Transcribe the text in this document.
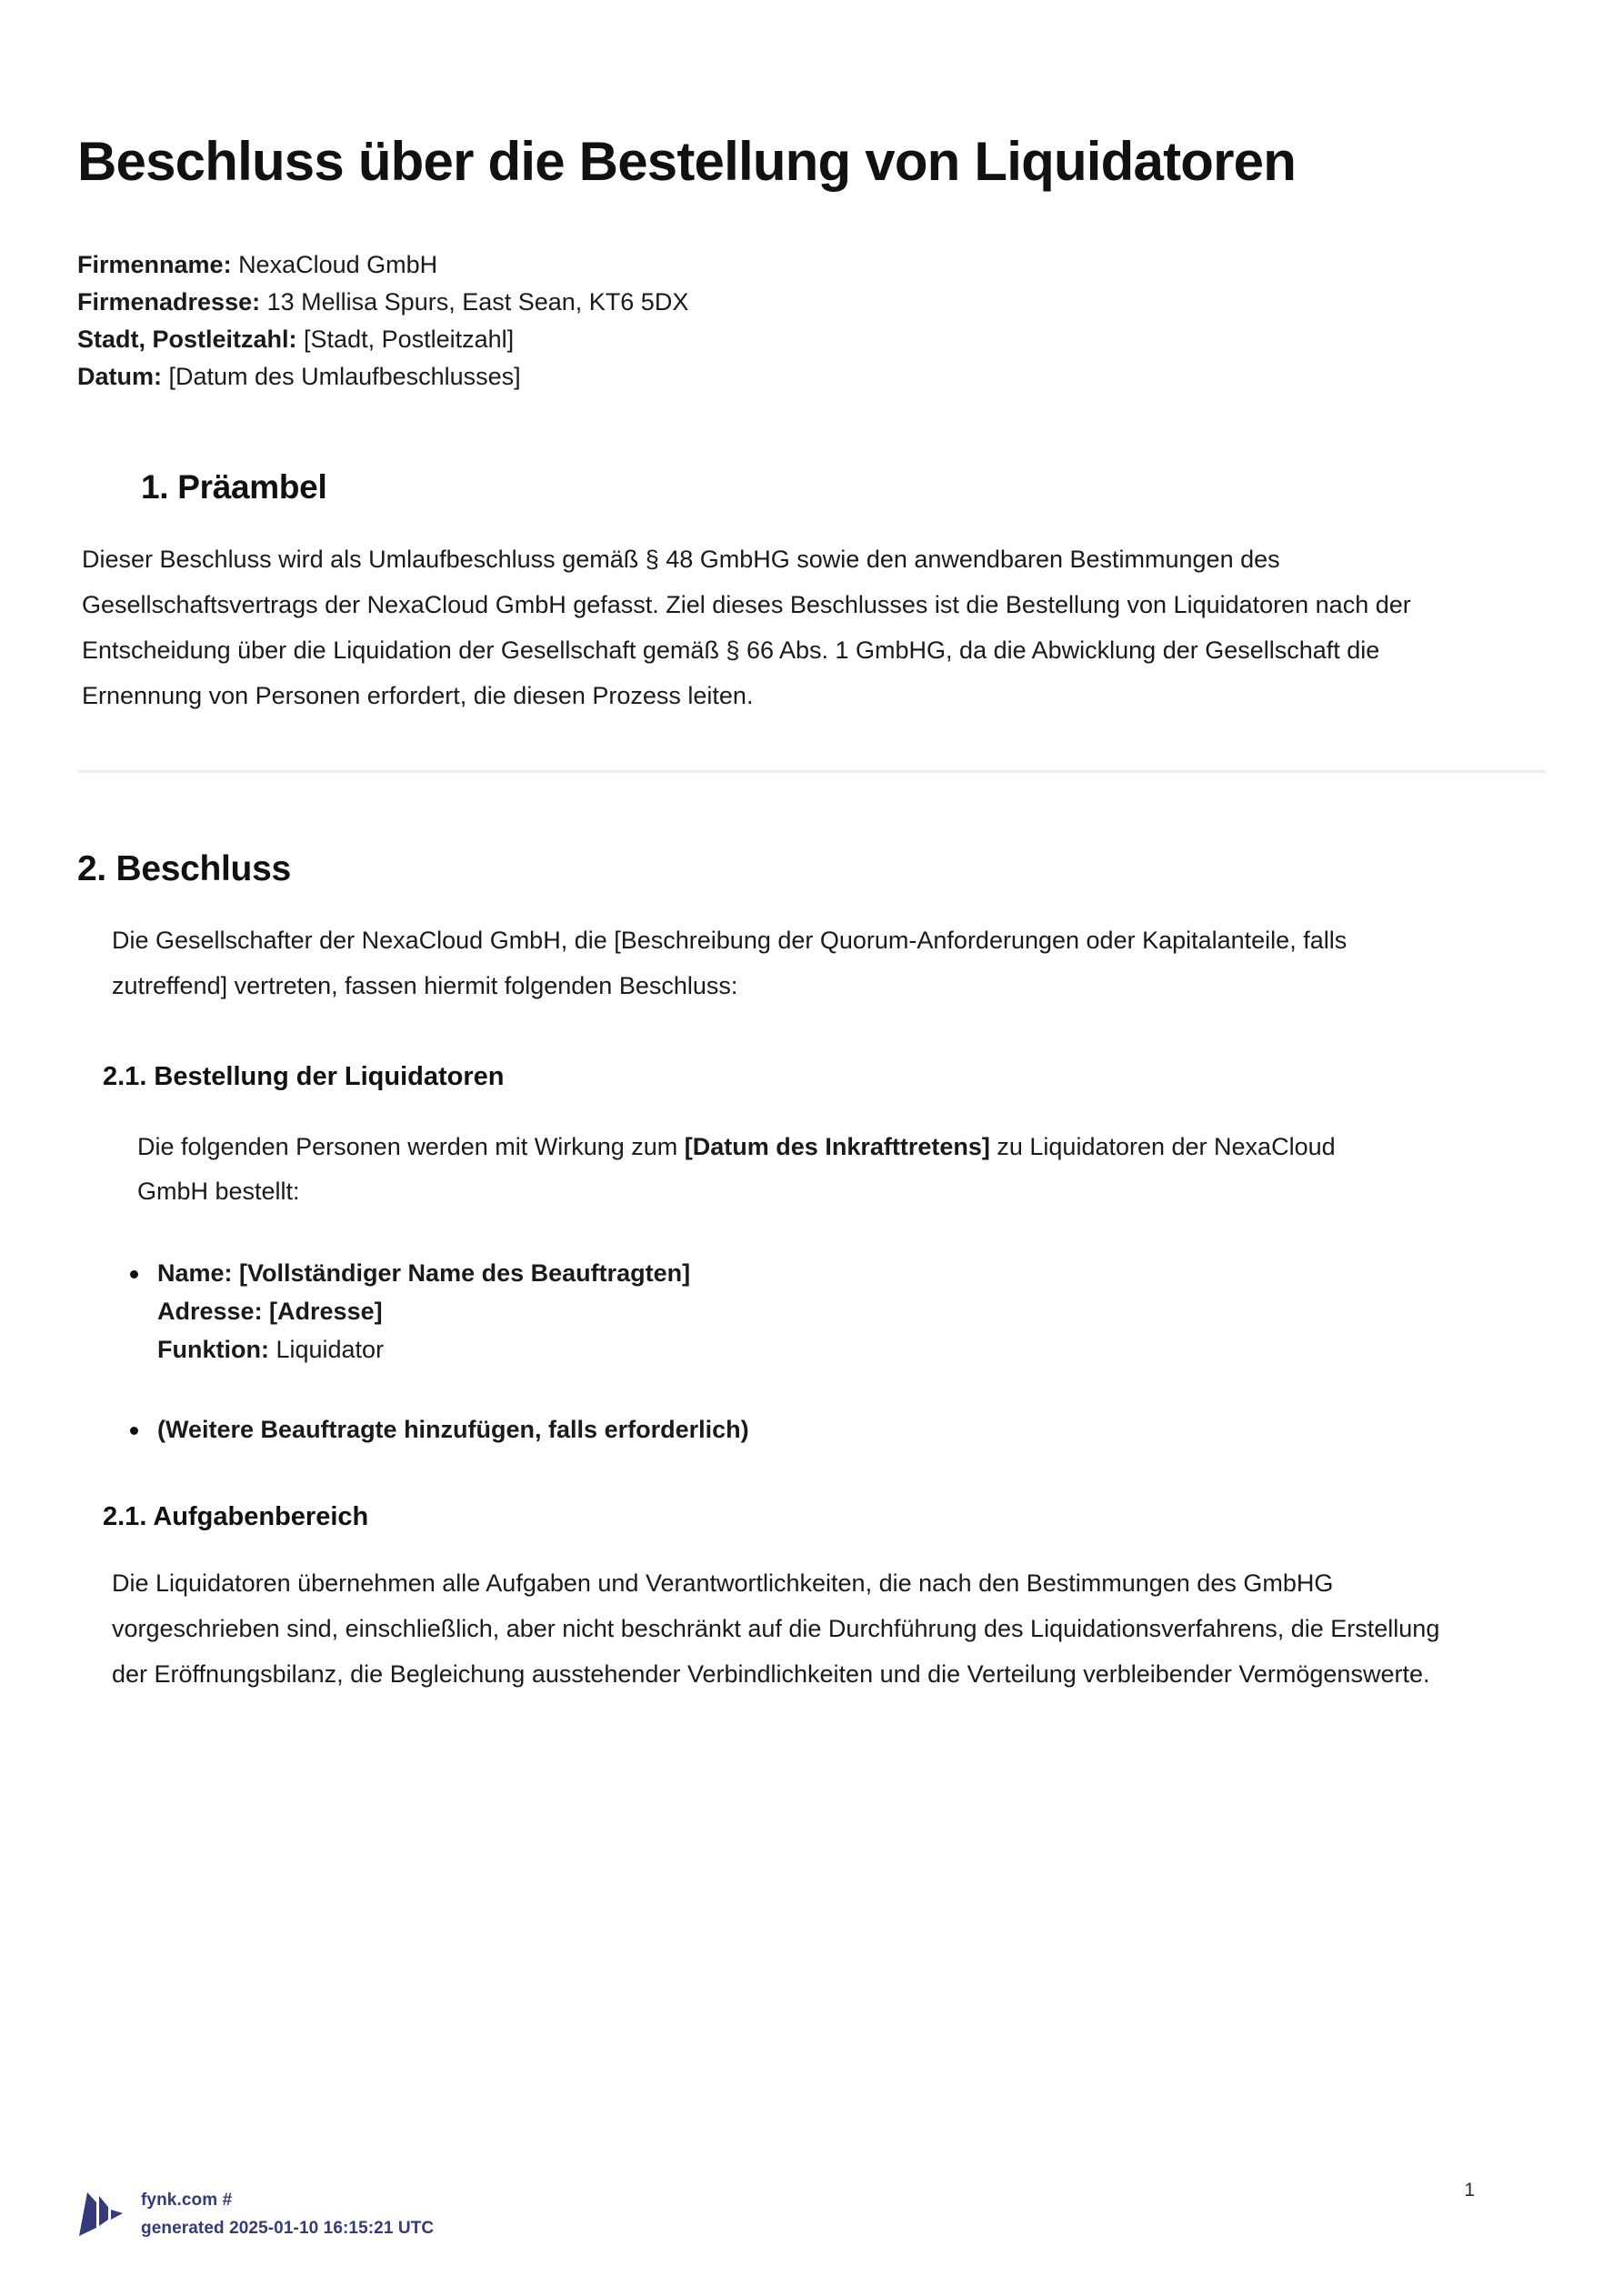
Beschluss über die Bestellung von Liquidatoren
Firmenname: NexaCloud GmbH
Firmenadresse: 13 Mellisa Spurs, East Sean, KT6 5DX
Stadt, Postleitzahl: [Stadt, Postleitzahl]
Datum: [Datum des Umlaufbeschlusses]
1. Präambel

Dieser Beschluss wird als Umlaufbeschluss gemäß § 48 GmbHG sowie den anwendbaren Bestimmungen des Gesellschaftsvertrags der NexaCloud GmbH gefasst. Ziel dieses Beschlusses ist die Bestellung von Liquidatoren nach der Entscheidung über die Liquidation der Gesellschaft gemäß § 66 Abs. 1 GmbHG, da die Abwicklung der Gesellschaft die Ernennung von Personen erfordert, die diesen Prozess leiten.

2. Beschluss

Die Gesellschafter der NexaCloud GmbH, die [Beschreibung der Quorum-Anforderungen oder Kapitalanteile, falls zutreffend] vertreten, fassen hiermit folgenden Beschluss:

2.1. Bestellung der Liquidatoren

Die folgenden Personen werden mit Wirkung zum [Datum des Inkrafttretens] zu Liquidatoren der NexaCloud GmbH bestellt:

Name: [Vollständiger Name des Beauftragten]
Adresse: [Adresse]
Funktion: Liquidator
(Weitere Beauftragte hinzufügen, falls erforderlich)
2.1. Aufgabenbereich

Die Liquidatoren übernehmen alle Aufgaben und Verantwortlichkeiten, die nach den Bestimmungen des GmbHG vorgeschrieben sind, einschließlich, aber nicht beschränkt auf die Durchführung des Liquidationsverfahrens, die Erstellung der Eröffnungsbilanz, die Begleichung ausstehender Verbindlichkeiten und die Verteilung verbleibender Vermögenswerte.

fynk.com #
generated 2025-01-10 16:15:21 UTC
1
